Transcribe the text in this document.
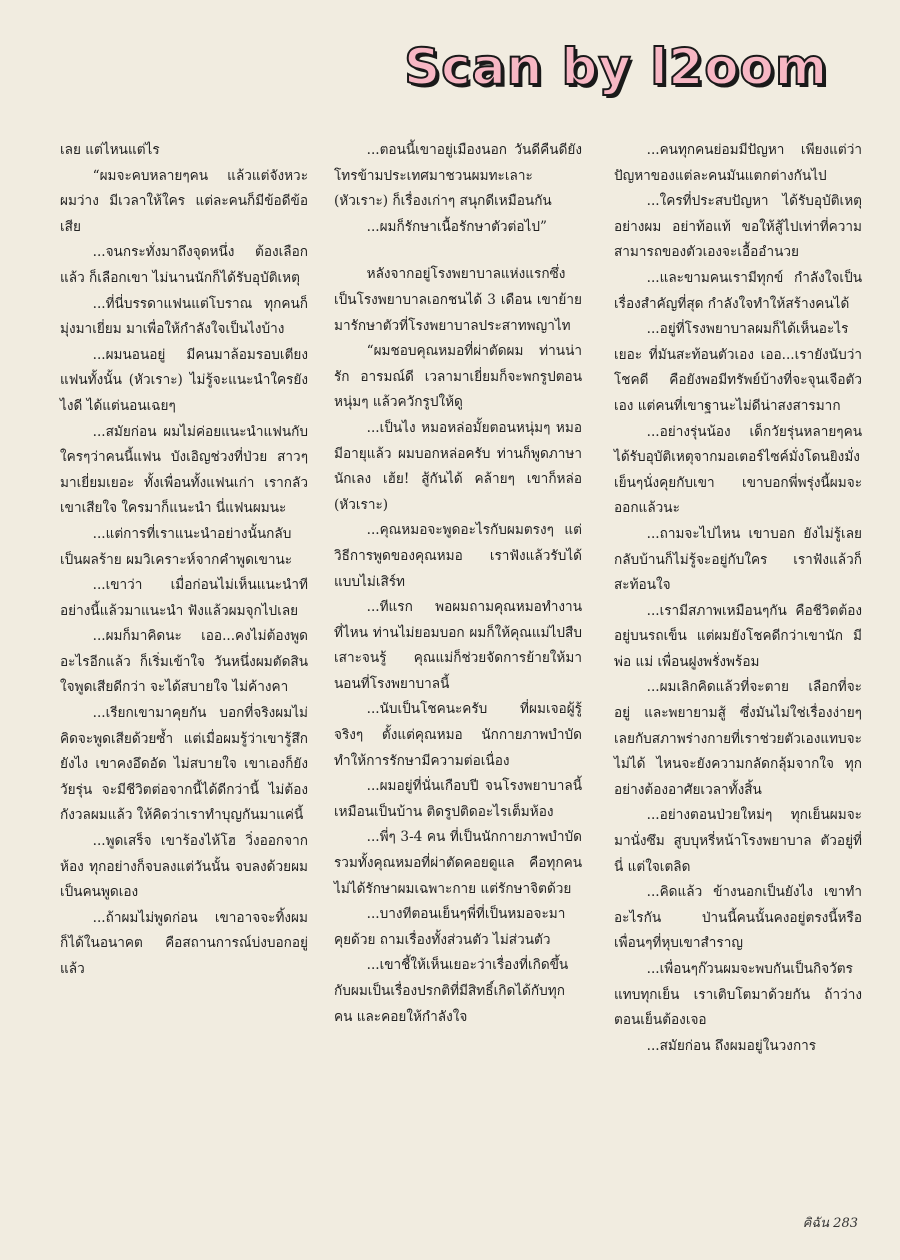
Scan by l2oom

เลย แต่ไหนแต่ไร

“ผมจะคบหลายๆคน แล้วแต่จังหวะผมว่าง มีเวลาให้ใคร แต่ละคนก็มีข้อดีข้อเสีย

...จนกระทั่งมาถึงจุดหนึ่ง ต้องเลือกแล้ว ก็เลือกเขา ไม่นานนักก็ได้รับอุบัติเหตุ

...ที่นี่บรรดาแฟนแต่โบราณ ทุกคนก็มุ่งมาเยี่ยม มาเพื่อให้กำลังใจเป็นไงบ้าง

...ผมนอนอยู่ มีคนมาล้อมรอบเตียง แฟนทั้งนั้น (หัวเราะ) ไม่รู้จะแนะนำใครยังไงดี ได้แต่นอนเฉยๆ

...สมัยก่อน ผมไม่ค่อยแนะนำแฟนกับใครๆว่าคนนี้แฟน บังเอิญช่วงที่ป่วย สาวๆมาเยี่ยมเยอะ ทั้งเพื่อนทั้งแฟนเก่า เรากลัวเขาเสียใจ ใครมาก็แนะนำ นี่แฟนผมนะ

...แต่การที่เราแนะนำอย่างนั้นกลับเป็นผลร้าย ผมวิเคราะห์จากคำพูดเขานะ

...เขาว่า เมื่อก่อนไม่เห็นแนะนำทีอย่างนี้แล้วมาแนะนำ ฟังแล้วผมจุกไปเลย

...ผมก็มาคิดนะ เออ...คงไม่ต้องพูดอะไรอีกแล้ว ก็เริ่มเข้าใจ วันหนึ่งผมตัดสินใจพูดเสียดีกว่า จะได้สบายใจ ไม่ค้างคา

...เรียกเขามาคุยกัน บอกที่จริงผมไม่คิดจะพูดเสียด้วยซ้ำ แต่เมื่อผมรู้ว่าเขารู้สึกยังไง เขาคงอึดอัด ไม่สบายใจ เขาเองก็ยังวัยรุ่น จะมีชีวิตต่อจากนี้ได้ดีกว่านี้ ไม่ต้องกังวลผมแล้ว ให้คิดว่าเราทำบุญกันมาแค่นี้

...พูดเสร็จ เขาร้องไห้โฮ วิ่งออกจากห้อง ทุกอย่างก็จบลงแต่วันนั้น จบลงด้วยผมเป็นคนพูดเอง

...ถ้าผมไม่พูดก่อน เขาอาจจะทิ้งผมก็ได้ในอนาคต คือสถานการณ์บ่งบอกอยู่แล้ว

...ตอนนี้เขาอยู่เมืองนอก วันดีคืนดียังโทรข้ามประเทศมาชวนผมทะเลาะ (หัวเราะ) ก็เรื่องเก่าๆ สนุกดีเหมือนกัน

...ผมก็รักษาเนื้อรักษาตัวต่อไป”

หลังจากอยู่โรงพยาบาลแห่งแรกซึ่งเป็นโรงพยาบาลเอกชนได้ 3 เดือน เขาย้ายมารักษาตัวที่โรงพยาบาลประสาทพญาไท

“ผมชอบคุณหมอที่ผ่าตัดผม ท่านน่ารัก อารมณ์ดี เวลามาเยี่ยมก็จะพกรูปตอนหนุ่มๆ แล้วควักรูปให้ดู

...เป็นไง หมอหล่อมั้ยตอนหนุ่มๆ หมอมีอายุแล้ว ผมบอกหล่อครับ ท่านก็พูดภาษานักเลง เฮ้ย! สู้กันได้ คล้ายๆ เขาก็หล่อ (หัวเราะ)

...คุณหมอจะพูดอะไรกับผมตรงๆ แต่วิธีการพูดของคุณหมอ เราฟังแล้วรับได้ แบบไม่เสิร์ท

...ทีแรก พอผมถามคุณหมอทำงานที่ไหน ท่านไม่ยอมบอก ผมก็ให้คุณแม่ไปสืบเสาะจนรู้ คุณแม่ก็ช่วยจัดการย้ายให้มานอนที่โรงพยาบาลนี้

...นับเป็นโชคนะครับ ที่ผมเจอผู้รู้จริงๆ ตั้งแต่คุณหมอ นักกายภาพบำบัด ทำให้การรักษามีความต่อเนื่อง

...ผมอยู่ที่นั่นเกือบปี จนโรงพยาบาลนี้เหมือนเป็นบ้าน ติดรูปติดอะไรเต็มห้อง

...พี่ๆ 3-4 คน ที่เป็นนักกายภาพบำบัด รวมทั้งคุณหมอที่ผ่าตัดคอยดูแล คือทุกคนไม่ได้รักษาผมเฉพาะกาย แต่รักษาจิตด้วย

...บางทีตอนเย็นๆพี่ที่เป็นหมอจะมาคุยด้วย ถามเรื่องทั้งส่วนตัว ไม่ส่วนตัว

...เขาชี้ให้เห็นเยอะว่าเรื่องที่เกิดขึ้นกับผมเป็นเรื่องปรกติที่มีสิทธิ์เกิดได้กับทุกคน และคอยให้กำลังใจ

...คนทุกคนย่อมมีปัญหา เพียงแต่ว่าปัญหาของแต่ละคนมันแตกต่างกันไป

...ใครที่ประสบปัญหา ได้รับอุบัติเหตุอย่างผม อย่าท้อแท้ ขอให้สู้ไปเท่าที่ความสามารถของตัวเองจะเอื้ออำนวย

...และขามคนเรามีทุกข์ กำลังใจเป็นเรื่องสำคัญที่สุด กำลังใจทำให้สร้างคนได้

...อยู่ที่โรงพยาบาลผมก็ได้เห็นอะไรเยอะ ที่มันสะท้อนตัวเอง เออ...เรายังนับว่าโชคดี คือยังพอมีทรัพย์บ้างที่จะจุนเจือตัวเอง แต่คนที่เขาฐานะไม่ดีน่าสงสารมาก

...อย่างรุ่นน้อง เด็กวัยรุ่นหลายๆคนได้รับอุบัติเหตุจากมอเตอร์ไซค์มั่งโดนยิงมั่ง เย็นๆนั่งคุยกับเขา เขาบอกพี่พรุ่งนี้ผมจะออกแล้วนะ

...ถามจะไปไหน เขาบอก ยังไม่รู้เลย กลับบ้านก็ไม่รู้จะอยู่กับใคร เราฟังแล้วก็สะท้อนใจ

...เรามีสภาพเหมือนๆกัน คือชีวิตต้องอยู่บนรถเข็น แต่ผมยังโชคดีกว่าเขานัก มีพ่อ แม่ เพื่อนฝูงพรั่งพร้อม

...ผมเลิกคิดแล้วที่จะตาย เลือกที่จะอยู่ และพยายามสู้ ซึ่งมันไม่ใช่เรื่องง่ายๆเลยกับสภาพร่างกายที่เราช่วยตัวเองแทบจะไม่ได้ ไหนจะยังความกลัดกลุ้มจากใจ ทุกอย่างต้องอาศัยเวลาทั้งสิ้น

...อย่างตอนป่วยใหม่ๆ ทุกเย็นผมจะมานั่งซึม สูบบุหรี่หน้าโรงพยาบาล ตัวอยู่ที่นี่ แต่ใจเตลิด

...คิดแล้ว ข้างนอกเป็นยังไง เขาทำอะไรกัน ป่านนี้คนนั้นคงอยู่ตรงนี้หรือเพื่อนๆที่หุบเขาสำราญ

...เพื่อนๆก๊วนผมจะพบกันเป็นกิจวัตรแทบทุกเย็น เราเติบโตมาด้วยกัน ถ้าว่างตอนเย็นต้องเจอ

...สมัยก่อน ถึงผมอยู่ในวงการ

คิฉัน 283
